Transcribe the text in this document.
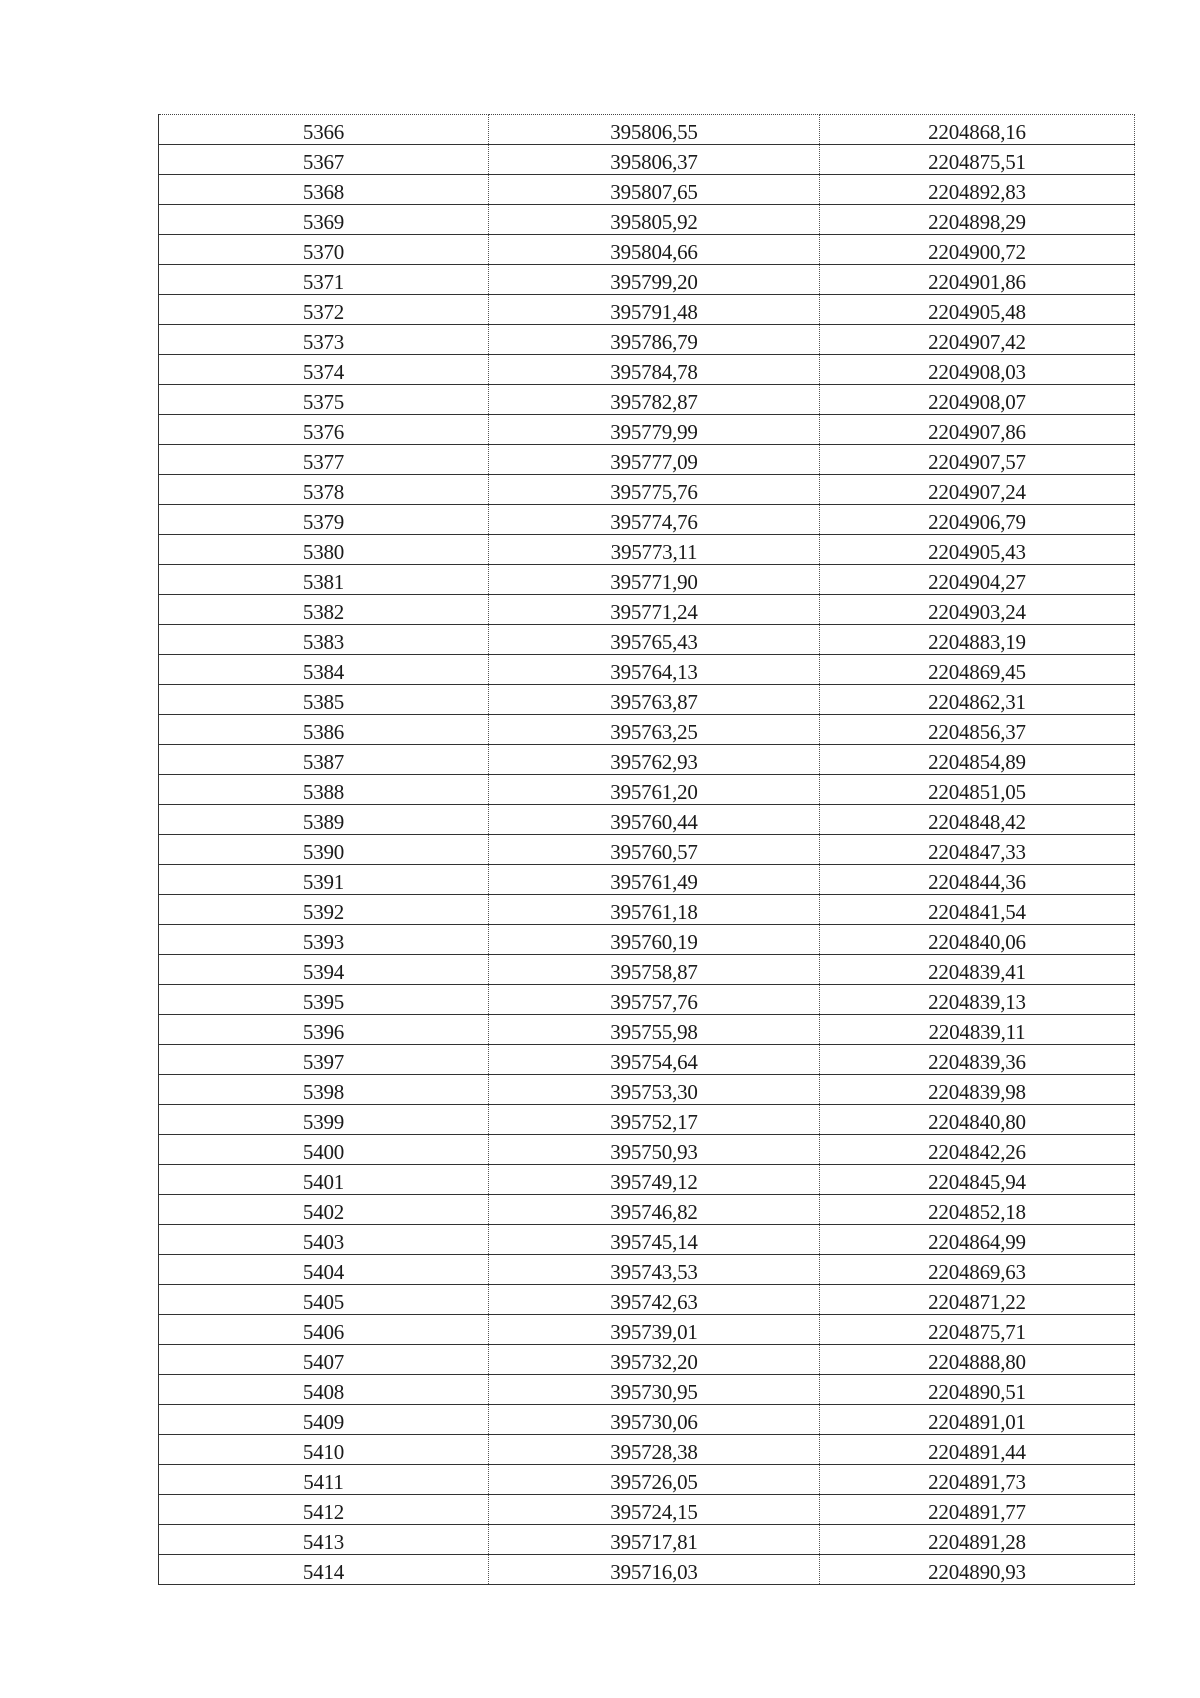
5366	395806,55	2204868,16
5367	395806,37	2204875,51
5368	395807,65	2204892,83
5369	395805,92	2204898,29
5370	395804,66	2204900,72
5371	395799,20	2204901,86
5372	395791,48	2204905,48
5373	395786,79	2204907,42
5374	395784,78	2204908,03
5375	395782,87	2204908,07
5376	395779,99	2204907,86
5377	395777,09	2204907,57
5378	395775,76	2204907,24
5379	395774,76	2204906,79
5380	395773,11	2204905,43
5381	395771,90	2204904,27
5382	395771,24	2204903,24
5383	395765,43	2204883,19
5384	395764,13	2204869,45
5385	395763,87	2204862,31
5386	395763,25	2204856,37
5387	395762,93	2204854,89
5388	395761,20	2204851,05
5389	395760,44	2204848,42
5390	395760,57	2204847,33
5391	395761,49	2204844,36
5392	395761,18	2204841,54
5393	395760,19	2204840,06
5394	395758,87	2204839,41
5395	395757,76	2204839,13
5396	395755,98	2204839,11
5397	395754,64	2204839,36
5398	395753,30	2204839,98
5399	395752,17	2204840,80
5400	395750,93	2204842,26
5401	395749,12	2204845,94
5402	395746,82	2204852,18
5403	395745,14	2204864,99
5404	395743,53	2204869,63
5405	395742,63	2204871,22
5406	395739,01	2204875,71
5407	395732,20	2204888,80
5408	395730,95	2204890,51
5409	395730,06	2204891,01
5410	395728,38	2204891,44
5411	395726,05	2204891,73
5412	395724,15	2204891,77
5413	395717,81	2204891,28
5414	395716,03	2204890,93
